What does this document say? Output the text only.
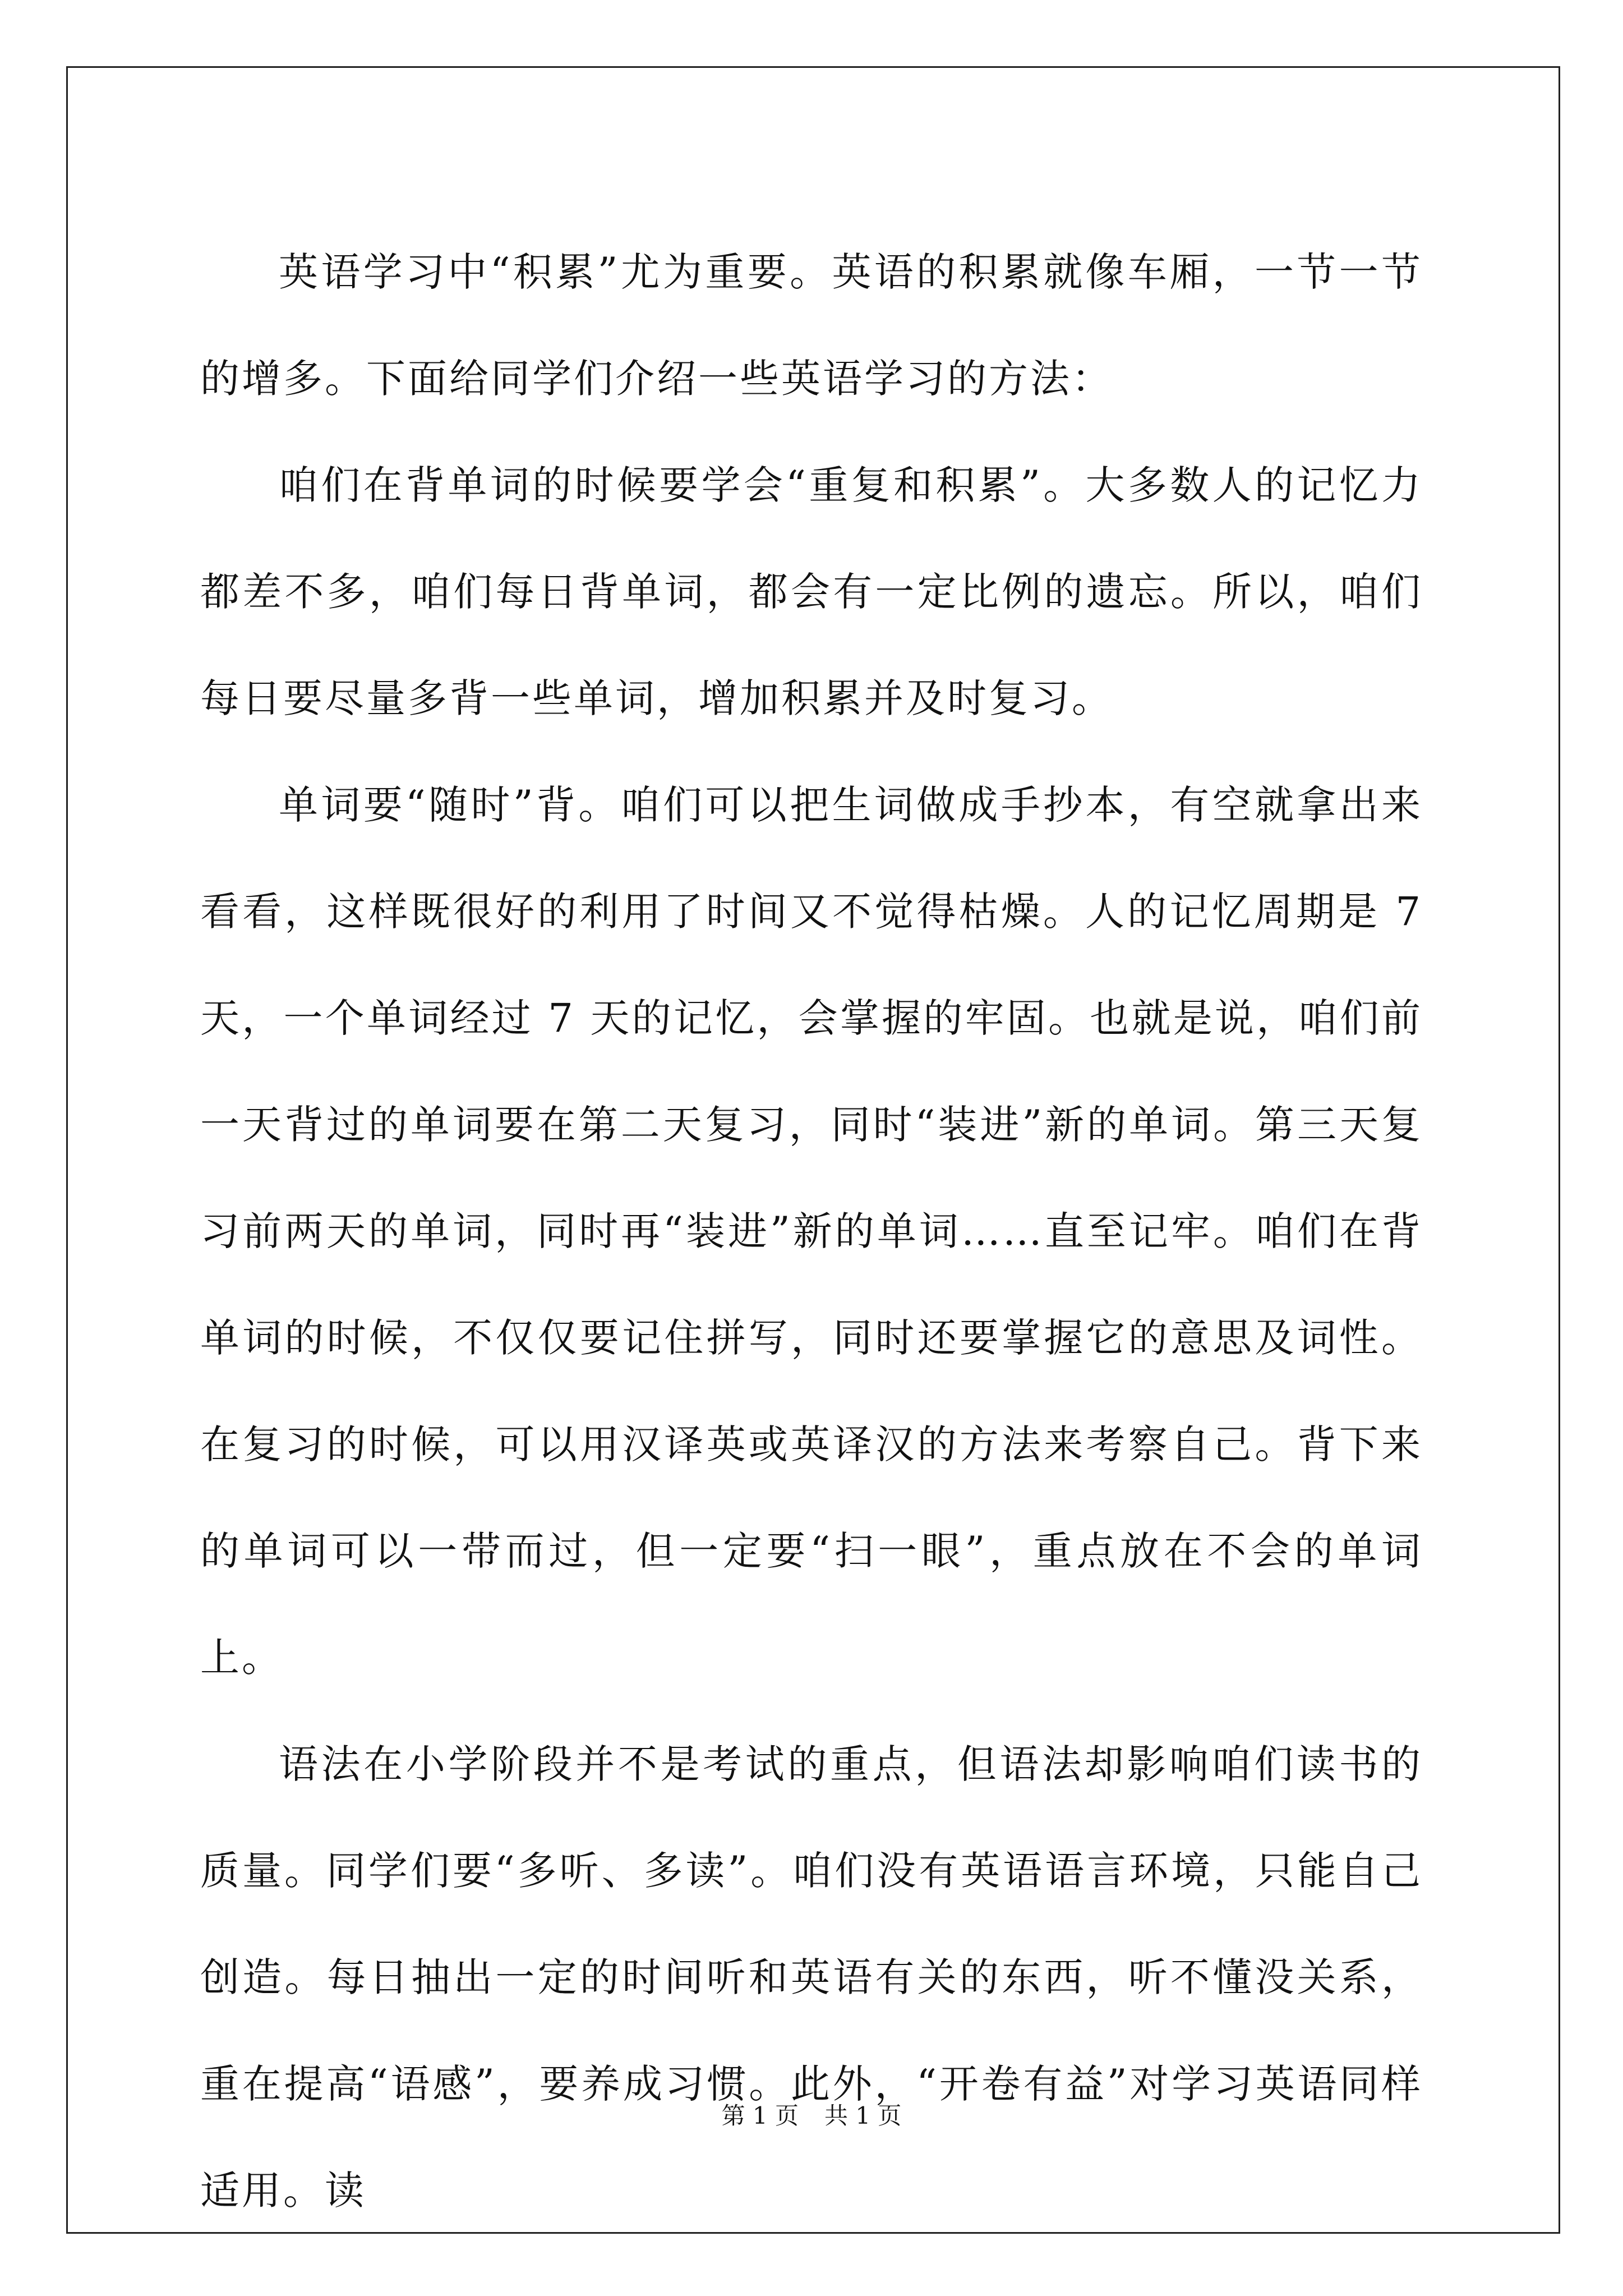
英语学习中“积累”尤为重要。英语的积累就像车厢，一节一节的增多。下面给同学们介绍一些英语学习的方法：

咱们在背单词的时候要学会“重复和积累”。大多数人的记忆力都差不多，咱们每日背单词，都会有一定比例的遗忘。所以，咱们每日要尽量多背一些单词，增加积累并及时复习。

单词要“随时”背。咱们可以把生词做成手抄本，有空就拿出来看看，这样既很好的利用了时间又不觉得枯燥。人的记忆周期是 7 天，一个单词经过 7 天的记忆，会掌握的牢固。也就是说，咱们前一天背过的单词要在第二天复习，同时“装进”新的单词。第三天复习前两天的单词，同时再“装进”新的单词……直至记牢。咱们在背单词的时候，不仅仅要记住拼写，同时还要掌握它的意思及词性。在复习的时候，可以用汉译英或英译汉的方法来考察自己。背下来的单词可以一带而过，但一定要“扫一眼”，重点放在不会的单词上。

语法在小学阶段并不是考试的重点，但语法却影响咱们读书的质量。同学们要“多听、多读”。咱们没有英语语言环境，只能自己创造。每日抽出一定的时间听和英语有关的东西，听不懂没关系，重在提高“语感”，要养成习惯。此外，“开卷有益”对学习英语同样适用。读

第 1 页 共 1 页
